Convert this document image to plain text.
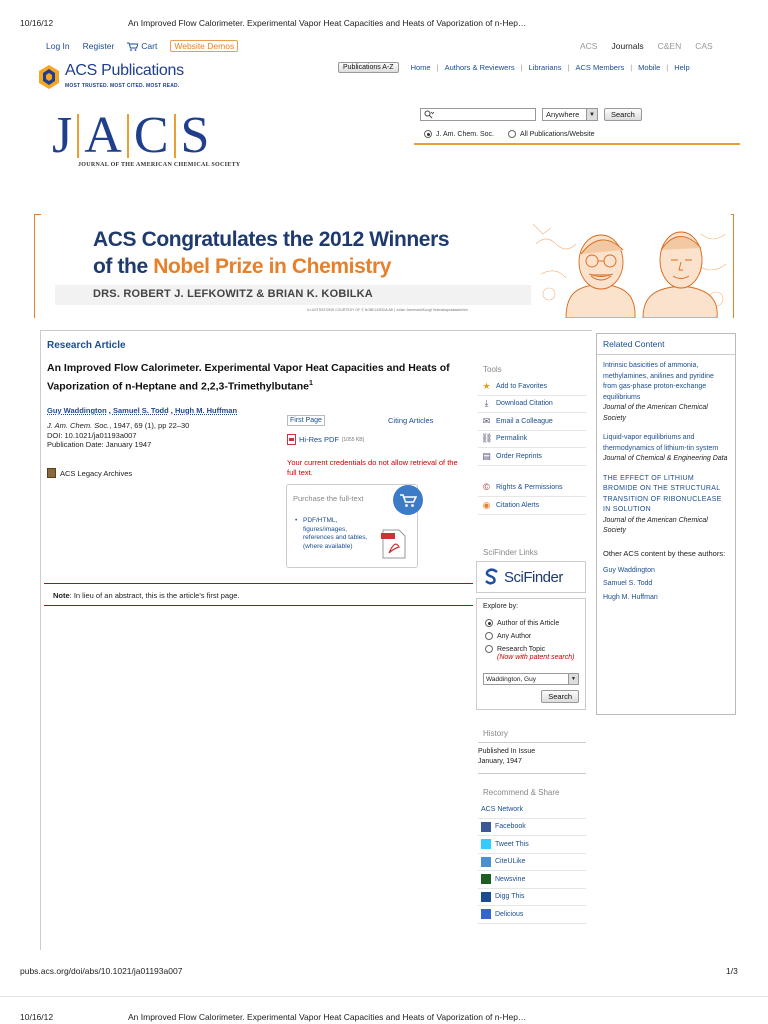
10/16/12	An Improved Flow Calorimeter. Experimental Vapor Heat Capacities and Heats of Vaporization of n-Hep…
Log In Register	Cart	Website Demos	ACS Journals C&EN CAS
ACS Publications
MOST TRUSTED. MOST CITED. MOST READ.
Publications A-Z	Home | Authors & Reviewers | Librarians | ACS Members | Mobile | Help
Anywhere	▼	Search
J. Am. Chem. Soc.	All Publications/Website
J A C S
JOURNAL OF THE AMERICAN CHEMICAL SOCIETY
ACS Congratulates the 2012 Winners
of the Nobel Prize in Chemistry
DRS. ROBERT J. LEFKOWITZ & BRIAN K. KOBILKA
ILLUSTRATIONS COURTESY OF © NOBELMEDIA AB | Johan Jarnestad/Kungl Vetenskapsakademien
Research Article
An Improved Flow Calorimeter. Experimental Vapor Heat Capacities and Heats of Vaporization of n-Heptane and 2,2,3-Trimethylbutane$^1$
Guy Waddington , Samuel S. Todd , Hugh M. Huffman
J. Am. Chem. Soc., 1947, 69 (1), pp 22–30
DOI: 10.1021/ja01193a007
Publication Date: January 1947
ACS Legacy Archives
First Page	Citing Articles
Hi-Res PDF [1055 KB]
Your current credentials do not allow retrieval of the full text.
Purchase the full-text
• PDF/HTML, figures/images, references and tables, (where available)
Note: In lieu of an abstract, this is the article's first page.
Tools
★ Add to Favorites
⤓	Download Citation
✉ Email a Colleague
⛓ Permalink
▤ Order Reprints
© Rights & Permissions
◉ Citation Alerts
SciFinder Links
SciFinder
Explore by:
Author of this Article
Any Author
Research Topic
(Now with patent search)
Waddington, Guy	▼
Search
History
Published In Issue
January, 1947
Recommend & Share
ACS Network
Facebook
Tweet This
CiteULike
Newsvine
Digg This
Delicious
Related Content
Intrinsic basicities of ammonia, methylamines, anilines and pyridine from gas-phase proton-exchange equilibriums
Journal of the American Chemical Society
Liquid-vapor equilibriums and thermodynamics of lithium-tin system
Journal of Chemical & Engineering Data
THE EFFECT OF LITHIUM BROMIDE ON THE STRUCTURAL TRANSITION OF RIBONUCLEASE IN SOLUTION
Journal of the American Chemical Society
Other ACS content by these authors:
Guy Waddington
Samuel S. Todd
Hugh M. Huffman
pubs.acs.org/doi/abs/10.1021/ja01193a007	1/3
10/16/12	An Improved Flow Calorimeter. Experimental Vapor Heat Capacities and Heats of Vaporization of n-Hep…
